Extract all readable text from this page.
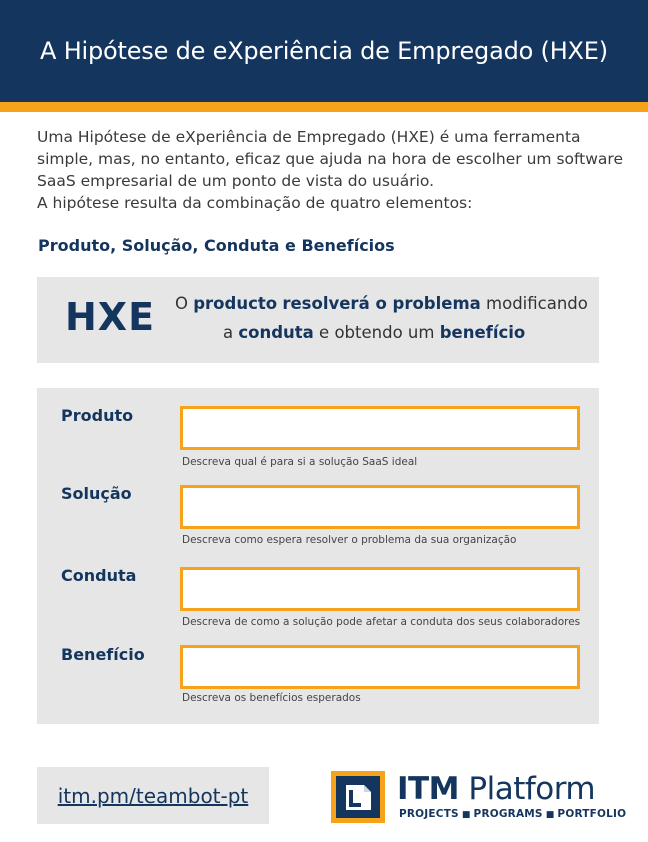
A Hipótese de eXperiência de Empregado (HXE)

Uma Hipótese de eXperiência de Empregado (HXE) é uma ferramenta

simple, mas, no entanto, eficaz que ajuda na hora de escolher um software

SaaS empresarial de um ponto de vista do usuário.

A hipótese resulta da combinação de quatro elementos:

Produto, Solução, Conduta e Benefícios
HXE O producto resolverá o problema modificando
a conduta e obtendo um benefício
Produto
Descreva qual é para si a solução SaaS ideal
Solução
Descreva como espera resolver o problema da sua organização
Conduta
Descreva de como a solução pode afetar a conduta dos seus colaboradores
Benefício
Descreva os benefícios esperados
itm.pm/teambot-pt	ITM Platform
PROJECTS ■ PROGRAMS ■ PORTFOLIO
